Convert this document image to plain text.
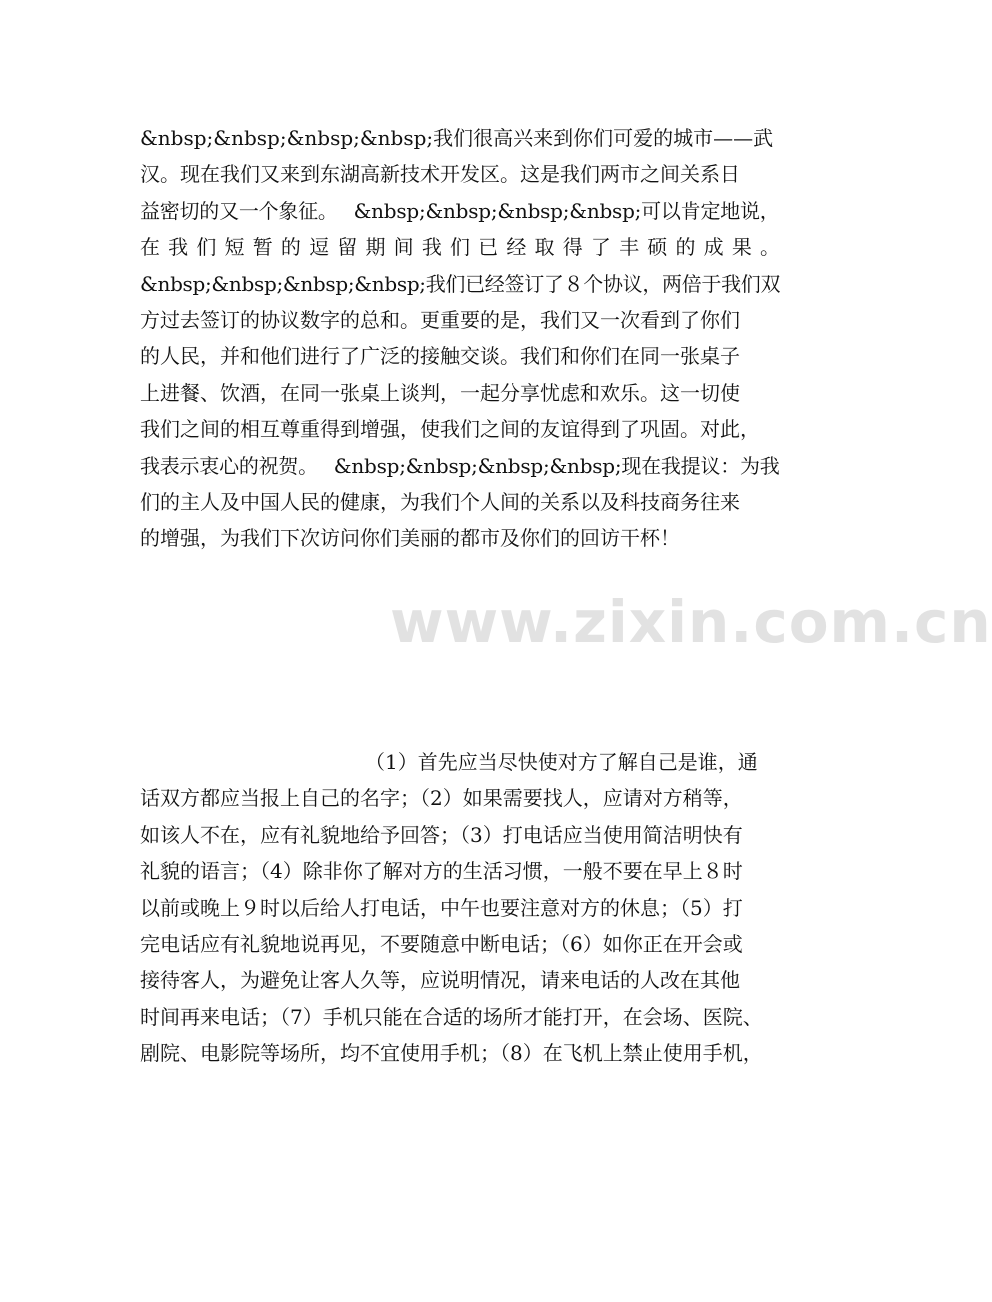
www.zixin.com.cn
&nbsp;&nbsp;&nbsp;&nbsp;我们很高兴来到你们可爱的城市——武
汉。现在我们又来到东湖高新技术开发区。这是我们两市之间关系日
益密切的又一个象征。　 &nbsp;&nbsp;&nbsp;&nbsp;可以肯定地说，
在我们短暂的逗留期间我们已经取得了丰硕的成果。
&nbsp;&nbsp;&nbsp;&nbsp;我们已经签订了８个协议，两倍于我们双
方过去签订的协议数字的总和。更重要的是，我们又一次看到了你们
的人民，并和他们进行了广泛的接触交谈。我们和你们在同一张桌子
上进餐、饮酒，在同一张桌上谈判，一起分享忧虑和欢乐。这一切使
我们之间的相互尊重得到增强，使我们之间的友谊得到了巩固。对此，
我表示衷心的祝贺。　 &nbsp;&nbsp;&nbsp;&nbsp;现在我提议：为我
们的主人及中国人民的健康，为我们个人间的关系以及科技商务往来
的增强，为我们下次访问你们美丽的都市及你们的回访干杯！
（1）首先应当尽快使对方了解自己是谁，通
话双方都应当报上自己的名字；（2）如果需要找人，应请对方稍等，
如该人不在，应有礼貌地给予回答；（3）打电话应当使用简洁明快有
礼貌的语言；（4）除非你了解对方的生活习惯，一般不要在早上８时
以前或晚上９时以后给人打电话，中午也要注意对方的休息；（5）打
完电话应有礼貌地说再见，不要随意中断电话；（6）如你正在开会或
接待客人，为避免让客人久等，应说明情况，请来电话的人改在其他
时间再来电话；（7）手机只能在合适的场所才能打开，在会场、医院、
剧院、电影院等场所，均不宜使用手机；（8）在飞机上禁止使用手机，
